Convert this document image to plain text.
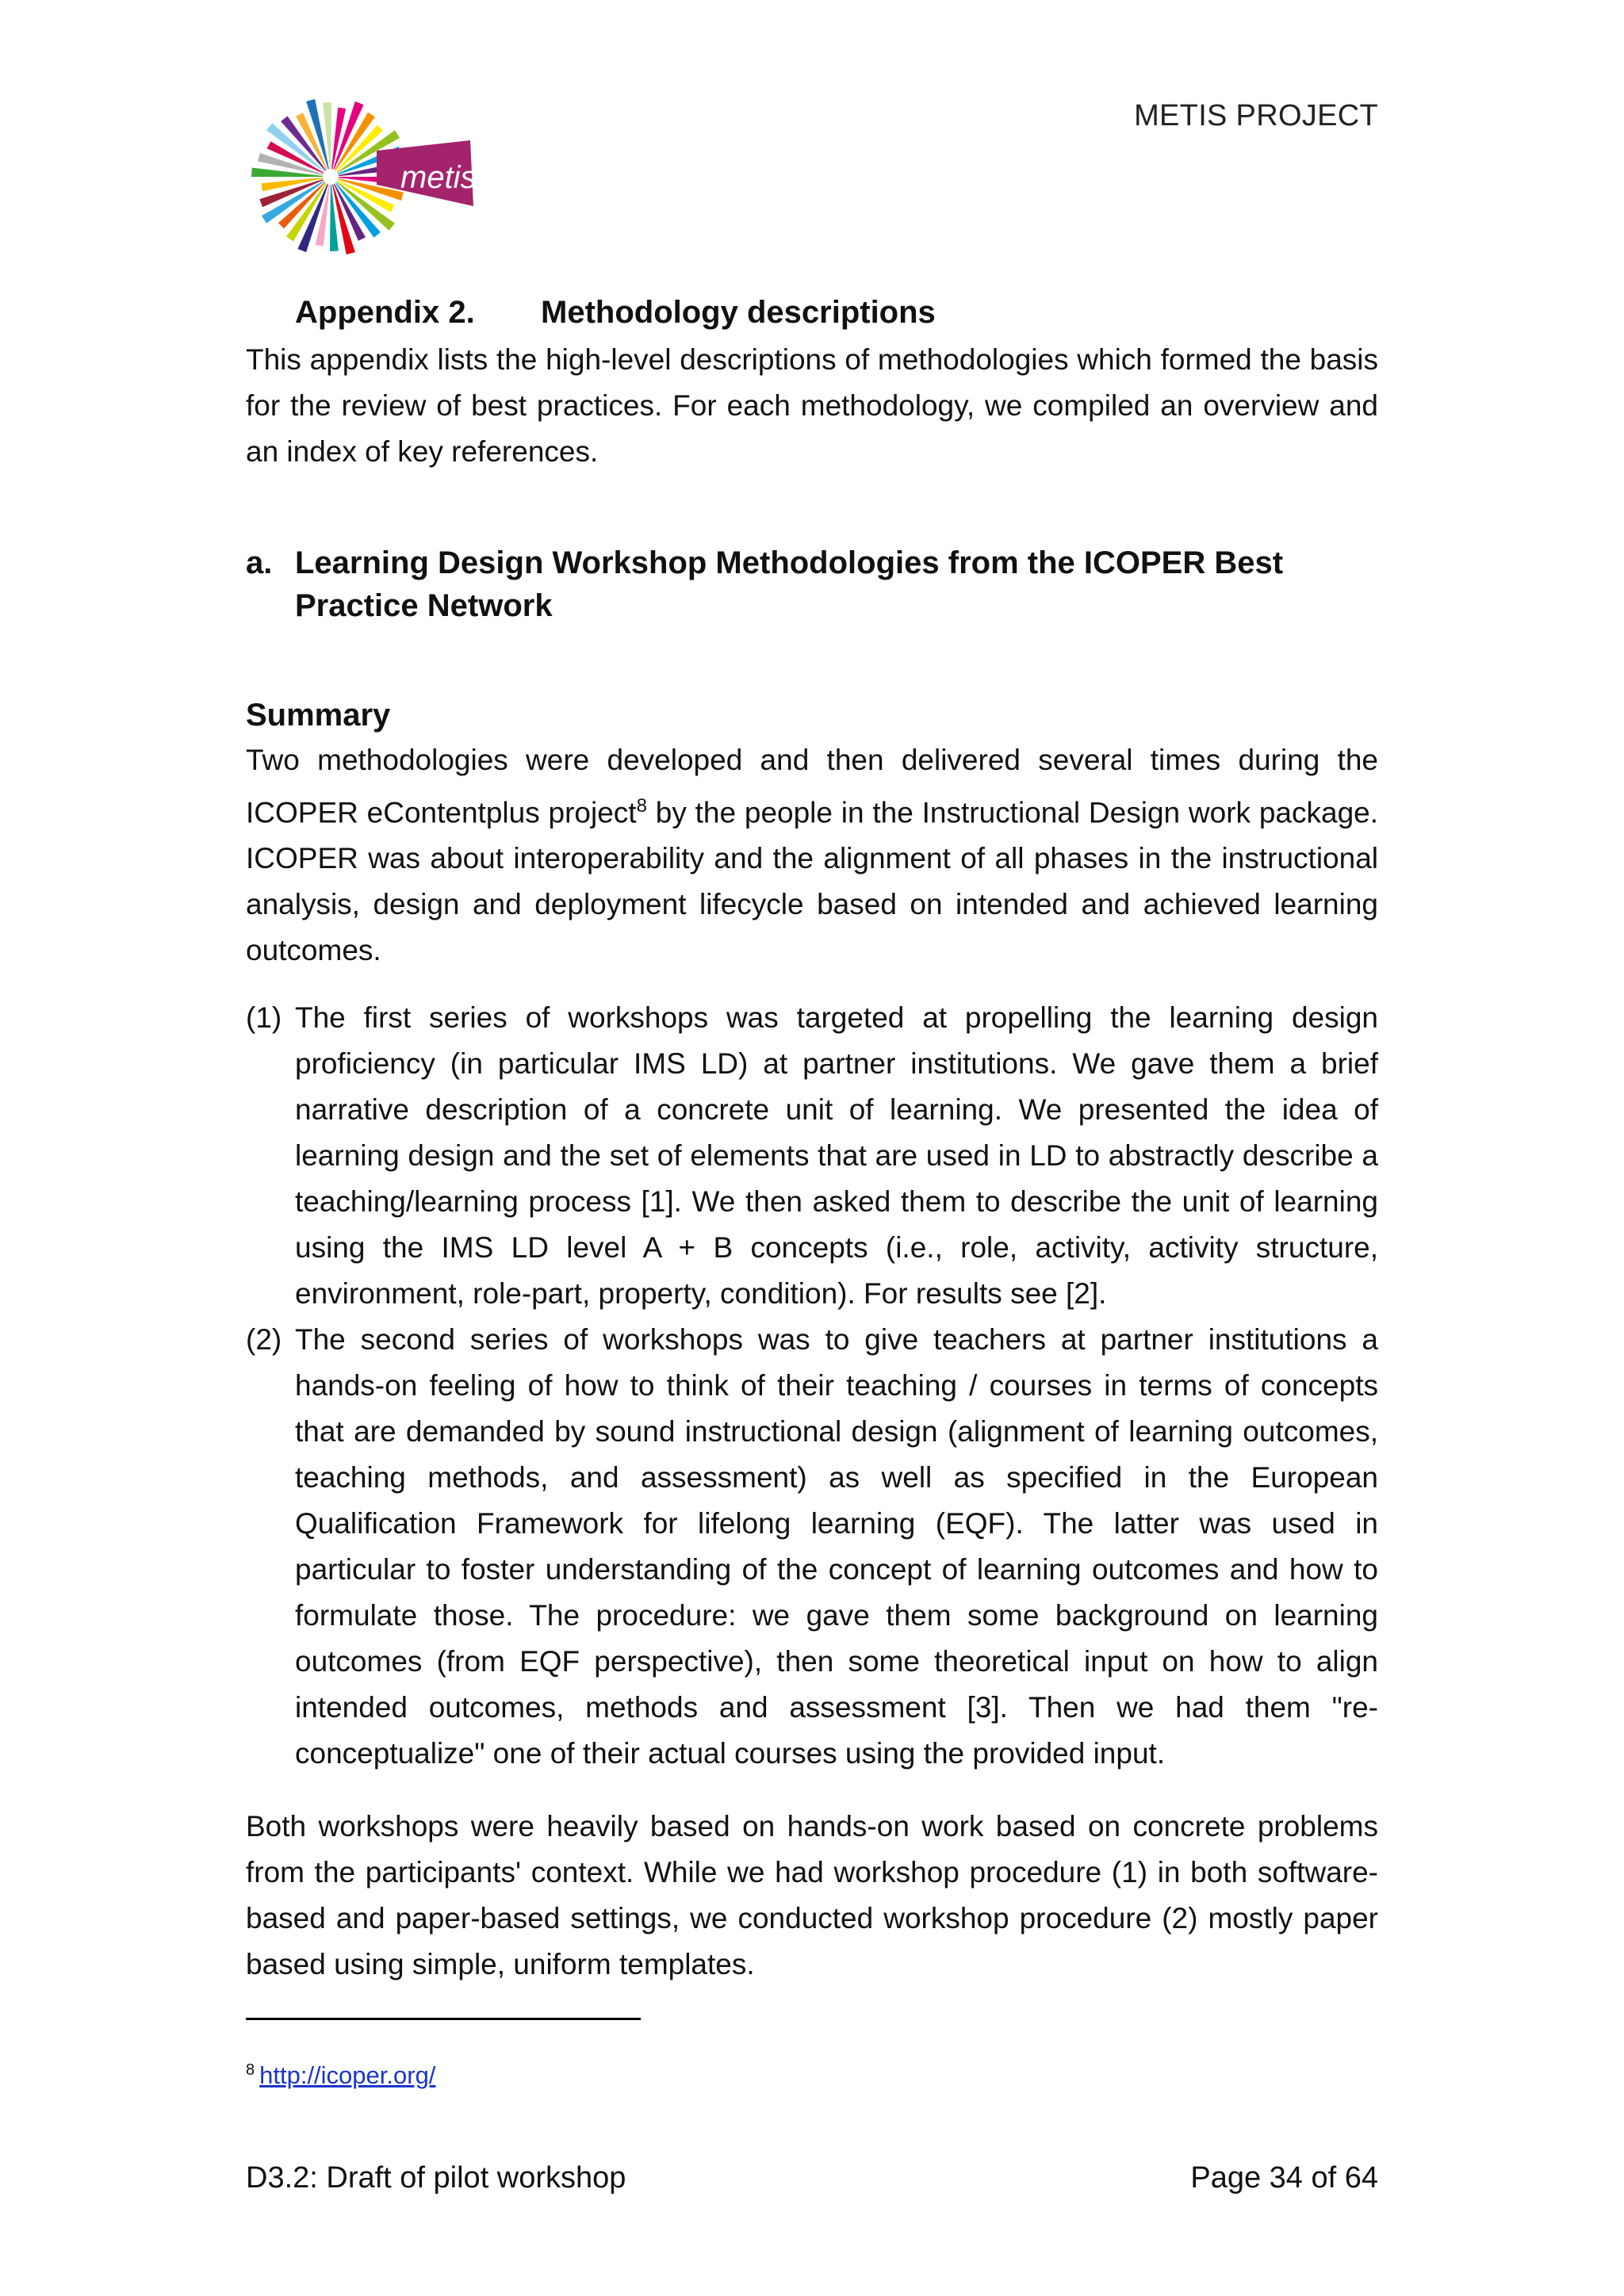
metis
METIS PROJECT
Appendix 2. Methodology descriptions

This appendix lists the high-level descriptions of methodologies which formed the basis for the review of best practices. For each methodology, we compiled an overview and an index of key references.

a. Learning Design Workshop Methodologies from the ICOPER Best Practice Network
Summary

Two methodologies were developed and then delivered several times during the ICOPER eContentplus project$^8$ by the people in the Instructional Design work package. ICOPER was about interoperability and the alignment of all phases in the instructional analysis, design and deployment lifecycle based on intended and achieved learning outcomes.

(1) The first series of workshops was targeted at propelling the learning design proficiency (in particular IMS LD) at partner institutions. We gave them a brief narrative description of a concrete unit of learning. We presented the idea of learning design and the set of elements that are used in LD to abstractly describe a teaching/learning process [1]. We then asked them to describe the unit of learning using the IMS LD level A + B concepts (i.e., role, activity, activity structure, environment, role-part, property, condition). For results see [2].
(2) The second series of workshops was to give teachers at partner institutions a hands-on feeling of how to think of their teaching / courses in terms of concepts that are demanded by sound instructional design (alignment of learning outcomes, teaching methods, and assessment) as well as specified in the European Qualification Framework for lifelong learning (EQF). The latter was used in particular to foster understanding of the concept of learning outcomes and how to formulate those. The procedure: we gave them some background on learning outcomes (from EQF perspective), then some theoretical input on how to align intended outcomes, methods and assessment [3]. Then we had them "re-conceptualize" one of their actual courses using the provided input.

Both workshops were heavily based on hands-on work based on concrete problems from the participants' context. While we had workshop procedure (1) in both software-based and paper-based settings, we conducted workshop procedure (2) mostly paper based using simple, uniform templates.

$^8$ http://icoper.org/
D3.2: Draft of pilot workshop	Page 34 of 64
